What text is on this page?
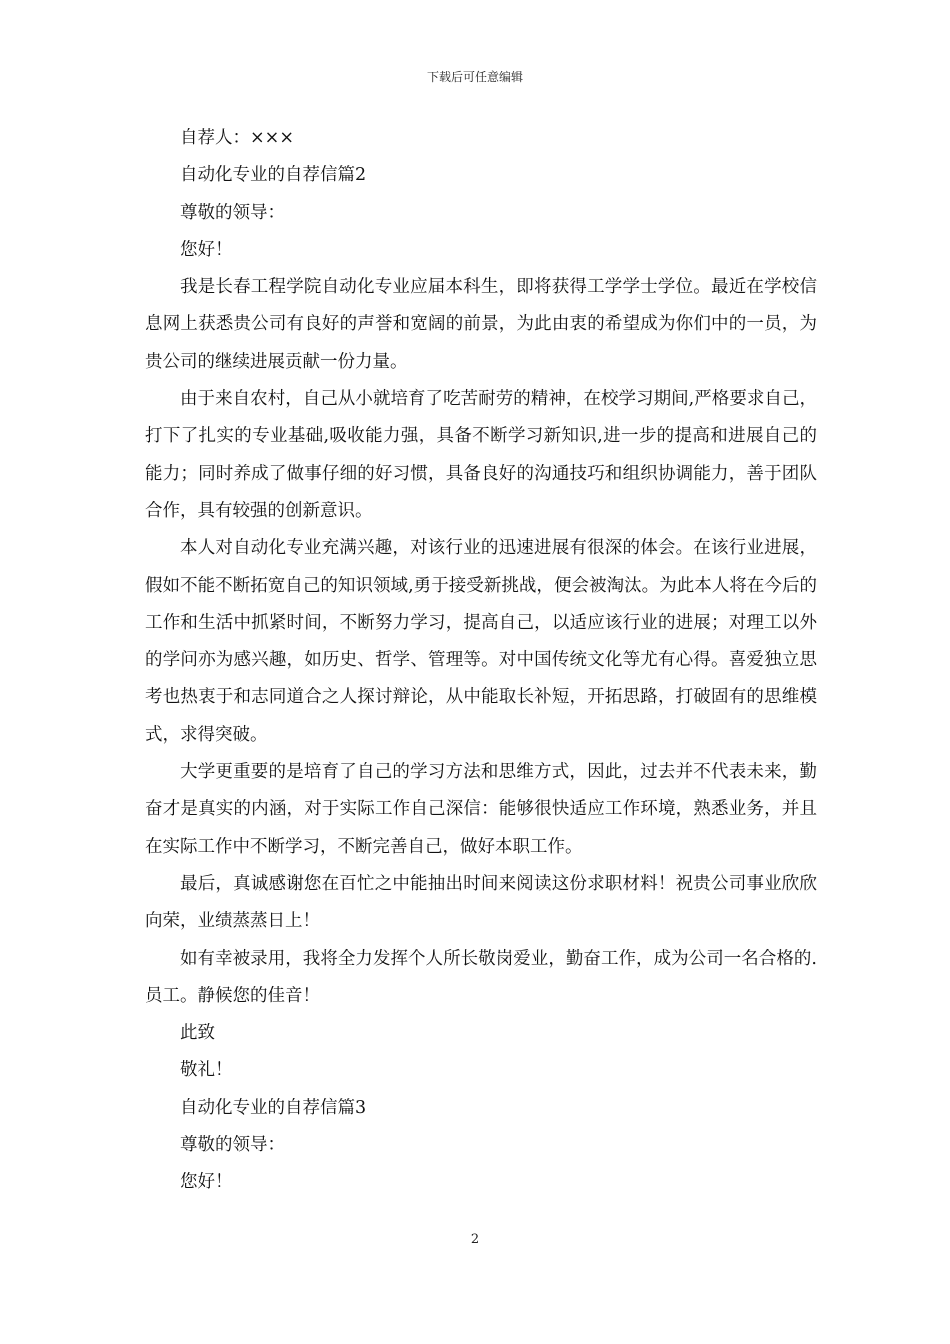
下载后可任意编辑

自荐人：×××

自动化专业的自荐信篇2

尊敬的领导：

您好！

我是长春工程学院自动化专业应届本科生，即将获得工学学士学位。最近在学校信息网上获悉贵公司有良好的声誉和宽阔的前景，为此由衷的希望成为你们中的一员，为贵公司的继续进展贡献一份力量。

由于来自农村，自己从小就培育了吃苦耐劳的精神，在校学习期间,严格要求自己，打下了扎实的专业基础,吸收能力强，具备不断学习新知识,进一步的提高和进展自己的能力；同时养成了做事仔细的好习惯，具备良好的沟通技巧和组织协调能力，善于团队合作，具有较强的创新意识。

本人对自动化专业充满兴趣，对该行业的迅速进展有很深的体会。在该行业进展，假如不能不断拓宽自己的知识领域,勇于接受新挑战，便会被淘汰。为此本人将在今后的工作和生活中抓紧时间，不断努力学习，提高自己，以适应该行业的进展；对理工以外的学问亦为感兴趣，如历史、哲学、管理等。对中国传统文化等尤有心得。喜爱独立思考也热衷于和志同道合之人探讨辩论，从中能取长补短，开拓思路，打破固有的思维模式，求得突破。

大学更重要的是培育了自己的学习方法和思维方式，因此，过去并不代表未来，勤奋才是真实的内涵，对于实际工作自己深信：能够很快适应工作环境，熟悉业务，并且在实际工作中不断学习，不断完善自己，做好本职工作。

最后，真诚感谢您在百忙之中能抽出时间来阅读这份求职材料！祝贵公司事业欣欣向荣，业绩蒸蒸日上！

如有幸被录用，我将全力发挥个人所长敬岗爱业，勤奋工作，成为公司一名合格的.员工。静候您的佳音！

此致

敬礼！

自动化专业的自荐信篇3

尊敬的领导：

您好！

2
